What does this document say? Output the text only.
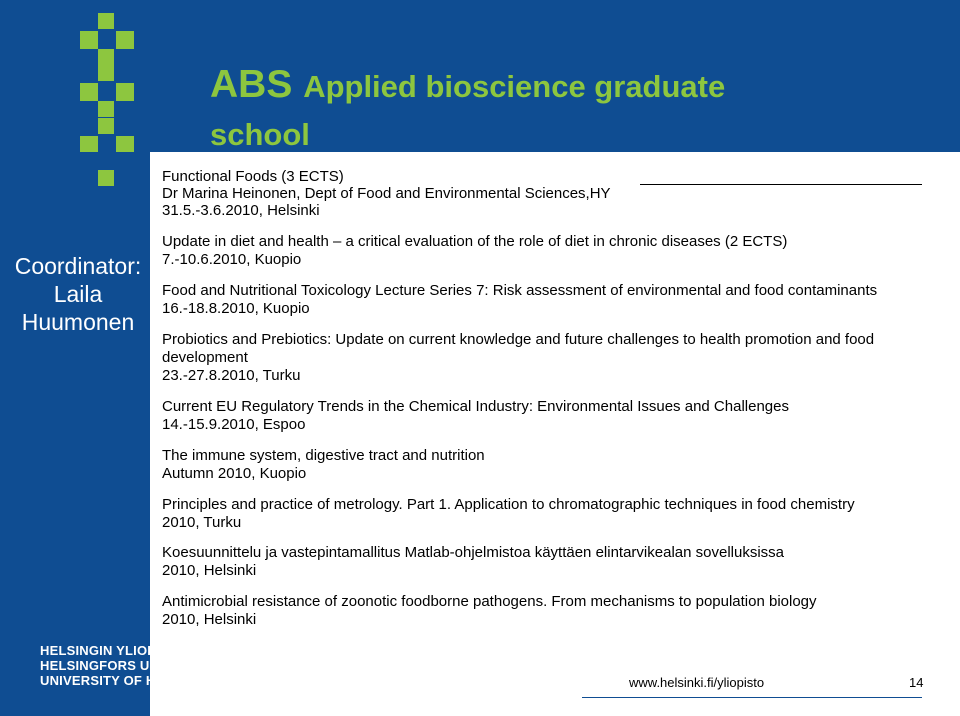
ABS Applied bioscience graduate
school
Functional Foods (3 ECTS)
Dr Marina Heinonen, Dept of Food and Environmental Sciences,HY
31.5.-3.6.2010, Helsinki
Coordinator:
Laila
Huumonen
Update in diet and health – a critical evaluation of the role of diet in chronic diseases (2 ECTS)
7.-10.6.2010, Kuopio
Food and Nutritional Toxicology Lecture Series 7: Risk assessment of environmental and food contaminants
16.-18.8.2010, Kuopio
Probiotics and Prebiotics: Update on current knowledge and future challenges to health promotion and food development
23.-27.8.2010, Turku
Current EU Regulatory Trends in the Chemical Industry: Environmental Issues and Challenges
14.-15.9.2010, Espoo
The immune system, digestive tract and nutrition
Autumn 2010, Kuopio
Principles and practice of metrology. Part 1. Application to chromatographic techniques in food chemistry
2010, Turku
Koesuunnittelu ja vastepintamallitus Matlab-ohjelmistoa käyttäen elintarvikealan sovelluksissa
2010, Helsinki
Antimicrobial resistance of zoonotic foodborne pathogens. From mechanisms to population biology
2010, Helsinki
HELSINGIN YLIOPISTO
HELSINGFORS UNIVERSITET
UNIVERSITY OF HELSINKI	www.helsinki.fi/yliopisto	14
